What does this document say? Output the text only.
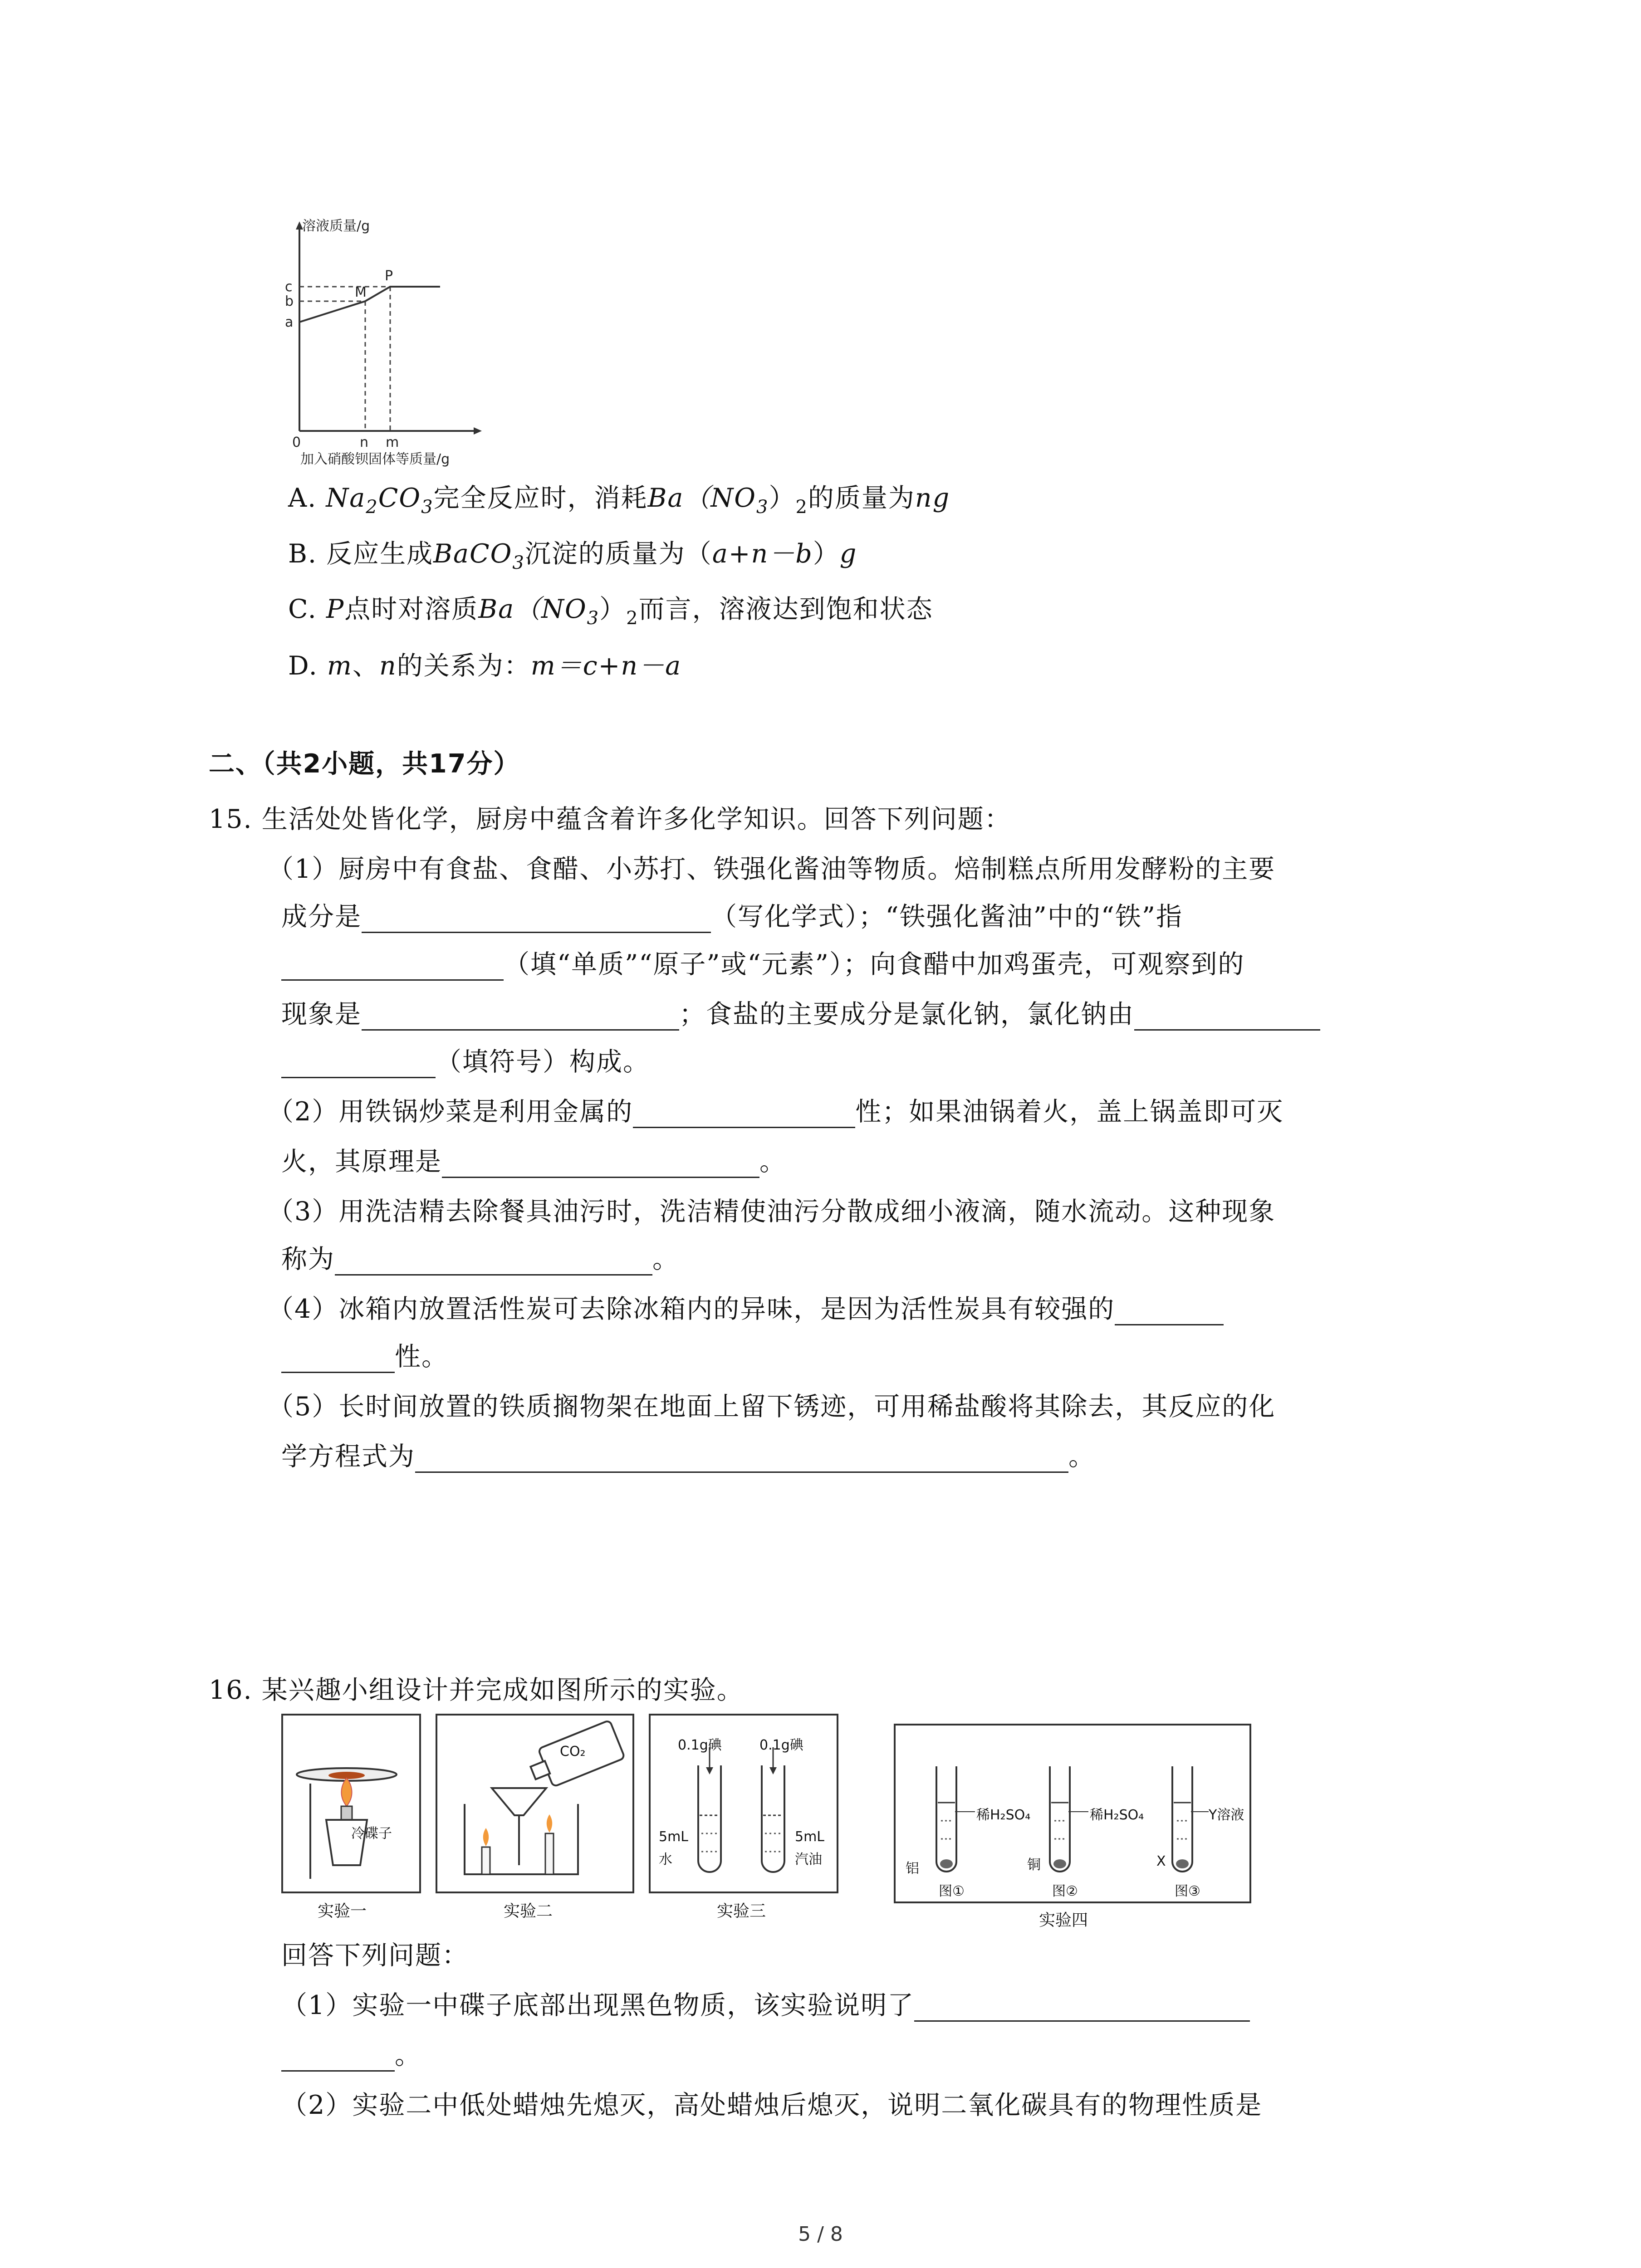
溶液质量/g
c
b
a
0	n m
M
P
加入硝酸钡固体等质量/g
A. $Na_2CO_3$完全反应时，消耗$Ba(NO_3)_2$的质量为ng
B. 反应生成BaCO$_3$沉淀的质量为（a+n－b）g
C. P点时对溶质$Ba(NO_3)_2$而言，溶液达到饱和状态
D. m、n的关系为：m＝c+n－a
二、（共2小题，共17分）
15. 生活处处皆化学，厨房中蕴含着许多化学知识。回答下列问题：
（1）厨房中有食盐、食醋、小苏打、铁强化酱油等物质。焙制糕点所用发酵粉的主要
成分是	（写化学式）；“铁强化酱油”中的“铁”指
（填“单质”“原子”或“元素”）；向食醋中加鸡蛋壳，可观察到的
现象是	；食盐的主要成分是氯化钠，氯化钠由
（填符号）构成。
（2）用铁锅炒菜是利用金属的	性；如果油锅着火，盖上锅盖即可灭
火，其原理是	。
（3）用洗洁精去除餐具油污时，洗洁精使油污分散成细小液滴，随水流动。这种现象
称为	。
（4）冰箱内放置活性炭可去除冰箱内的异味，是因为活性炭具有较强的
性。
（5）长时间放置的铁质搁物架在地面上留下锈迹，可用稀盐酸将其除去，其反应的化
学方程式为	。
16. 某兴趣小组设计并完成如图所示的实验。
冷碟子
实验一
CO₂
实验二
0.1g碘	0.1g碘
5mL
水
5mL
汽油
实验三
稀H₂SO₄	稀H₂SO₄	Y溶液
铝	铜	X
图①	图②	图③
实验四
回答下列问题：
（1）实验一中碟子底部出现黑色物质，该实验说明了
。
（2）实验二中低处蜡烛先熄灭，高处蜡烛后熄灭，说明二氧化碳具有的物理性质是
5 / 8
